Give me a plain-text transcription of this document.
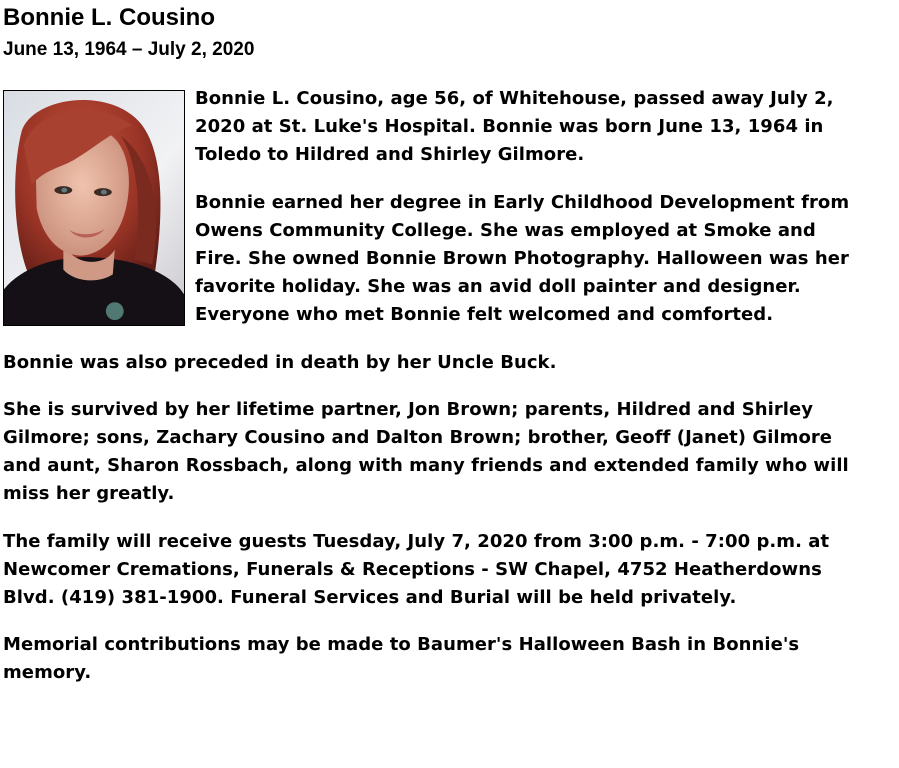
Bonnie L. Cousino
June 13, 1964 – July 2, 2020

Bonnie L. Cousino, age 56, of Whitehouse, passed away July 2, 2020 at St. Luke's Hospital. Bonnie was born June 13, 1964 in Toledo to Hildred and Shirley Gilmore.

Bonnie earned her degree in Early Childhood Development from Owens Community College. She was employed at Smoke and Fire. She owned Bonnie Brown Photography. Halloween was her favorite holiday. She was an avid doll painter and designer. Everyone who met Bonnie felt welcomed and comforted.

Bonnie was also preceded in death by her Uncle Buck.

She is survived by her lifetime partner, Jon Brown; parents, Hildred and Shirley Gilmore; sons, Zachary Cousino and Dalton Brown; brother, Geoff (Janet) Gilmore and aunt, Sharon Rossbach, along with many friends and extended family who will miss her greatly.

The family will receive guests Tuesday, July 7, 2020 from 3:00 p.m. - 7:00 p.m. at Newcomer Cremations, Funerals & Receptions - SW Chapel, 4752 Heatherdowns Blvd. (419) 381-1900. Funeral Services and Burial will be held privately.

Memorial contributions may be made to Baumer's Halloween Bash in Bonnie's memory.
